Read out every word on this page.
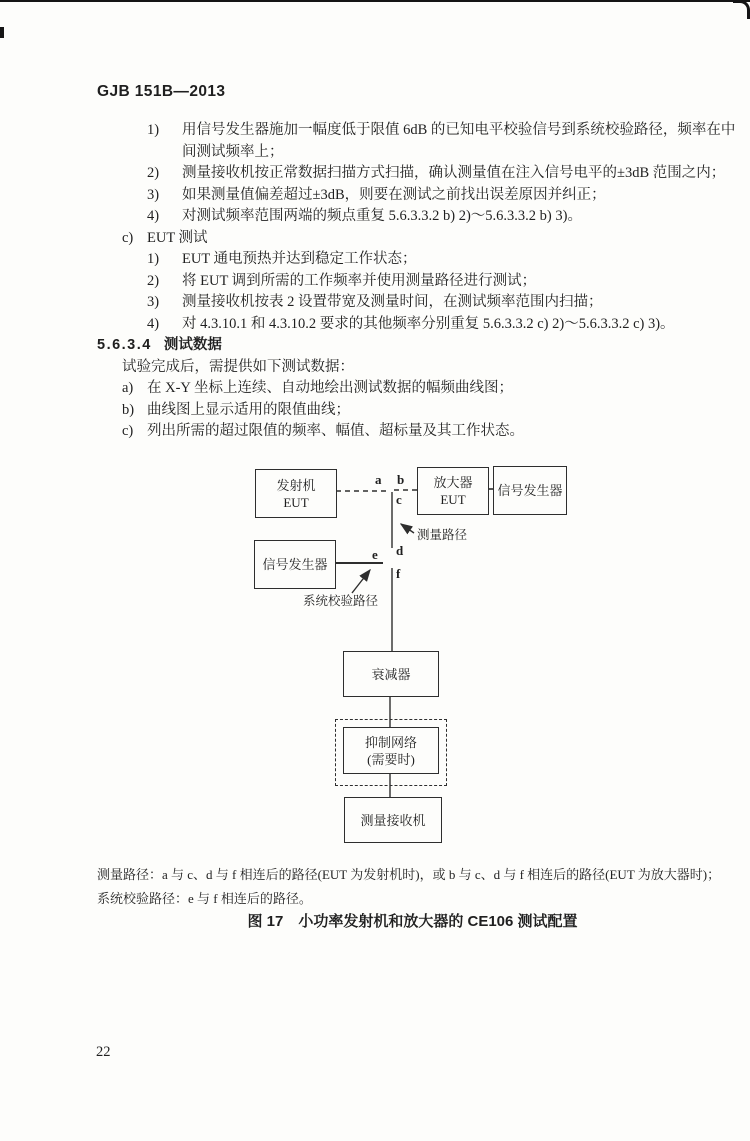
GJB 151B—2013
1) 用信号发生器施加一幅度低于限值 6dB 的已知电平校验信号到系统校验路径，频率在中
间测试频率上；
2) 测量接收机按正常数据扫描方式扫描，确认测量值在注入信号电平的±3dB 范围之内；
3) 如果测量值偏差超过±3dB，则要在测试之前找出误差原因并纠正；
4) 对测试频率范围两端的频点重复 5.6.3.3.2 b) 2)～5.6.3.3.2 b) 3)。
c) EUT 测试
1) EUT 通电预热并达到稳定工作状态；
2) 将 EUT 调到所需的工作频率并使用测量路径进行测试；
3) 测量接收机按表 2 设置带宽及测量时间，在测试频率范围内扫描；
4) 对 4.3.10.1 和 4.3.10.2 要求的其他频率分别重复 5.6.3.3.2 c) 2)～5.6.3.3.2 c) 3)。
5.6.3.4 测试数据
试验完成后，需提供如下测试数据：
a) 在 X-Y 坐标上连续、自动地绘出测试数据的幅频曲线图；
b) 曲线图上显示适用的限值曲线；
c) 列出所需的超过限值的频率、幅值、超标量及其工作状态。
发射机
EUT
放大器
EUT
信号发生器
信号发生器
衰减器
抑制网络
(需要时)
测量接收机
a b
c
d
e
f
测量路径
系统校验路径
测量路径：a 与 c、d 与 f 相连后的路径(EUT 为发射机时)，或 b 与 c、d 与 f 相连后的路径(EUT 为放大器时)；
系统校验路径：e 与 f 相连后的路径。
图 17　小功率发射机和放大器的 CE106 测试配置
22
